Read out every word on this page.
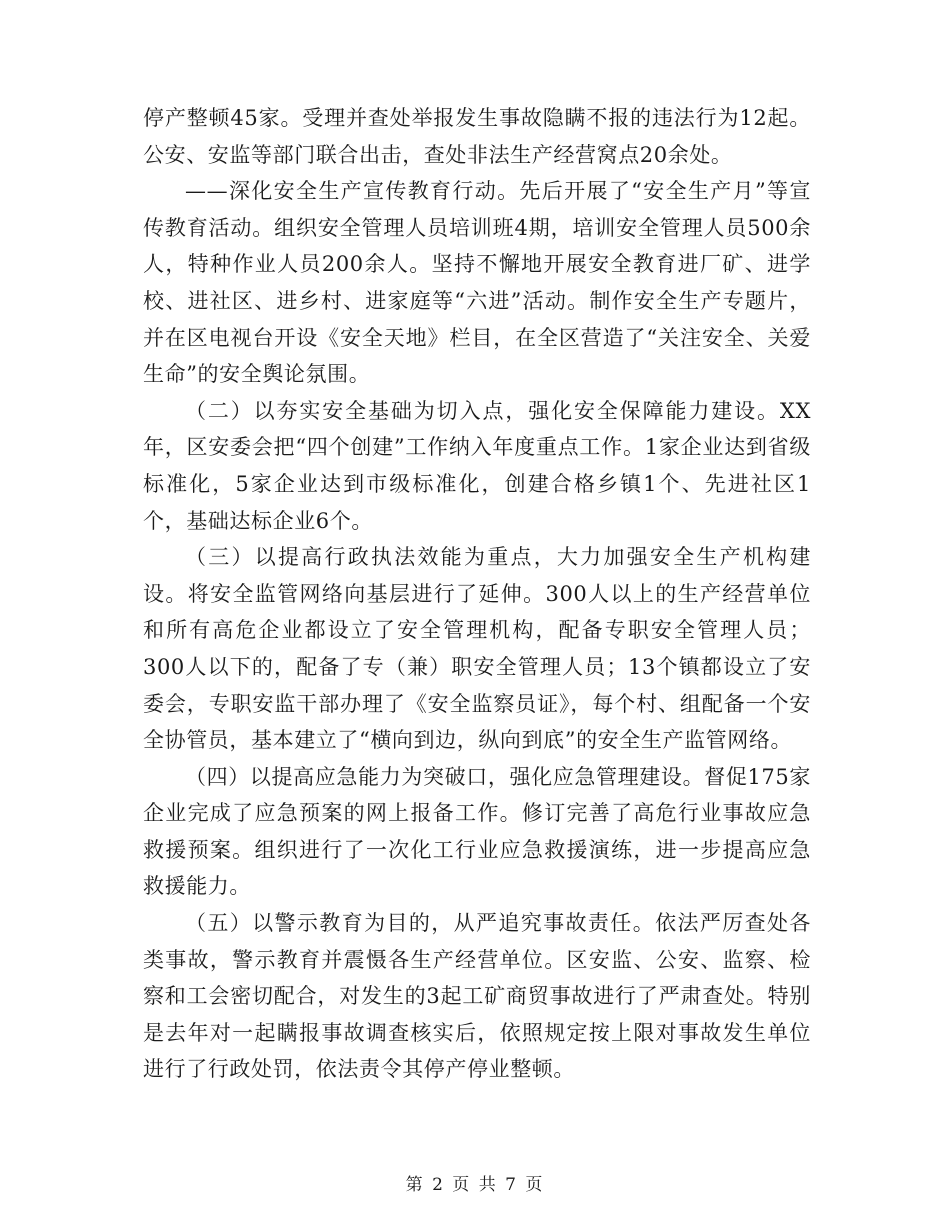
停产整顿45家。受理并查处举报发生事故隐瞒不报的违法行为12起。公安、安监等部门联合出击，查处非法生产经营窝点20余处。

——深化安全生产宣传教育行动。先后开展了“安全生产月”等宣传教育活动。组织安全管理人员培训班4期，培训安全管理人员500余人，特种作业人员200余人。坚持不懈地开展安全教育进厂矿、进学校、进社区、进乡村、进家庭等“六进”活动。制作安全生产专题片，并在区电视台开设《安全天地》栏目，在全区营造了“关注安全、关爱生命”的安全舆论氛围。

（二）以夯实安全基础为切入点，强化安全保障能力建设。XX年，区安委会把“四个创建”工作纳入年度重点工作。1家企业达到省级标准化，5家企业达到市级标准化，创建合格乡镇1个、先进社区1个，基础达标企业6个。

（三）以提高行政执法效能为重点，大力加强安全生产机构建设。将安全监管网络向基层进行了延伸。300人以上的生产经营单位和所有高危企业都设立了安全管理机构，配备专职安全管理人员；300人以下的，配备了专（兼）职安全管理人员；13个镇都设立了安委会，专职安监干部办理了《安全监察员证》，每个村、组配备一个安全协管员，基本建立了“横向到边，纵向到底”的安全生产监管网络。

（四）以提高应急能力为突破口，强化应急管理建设。督促175家企业完成了应急预案的网上报备工作。修订完善了高危行业事故应急救援预案。组织进行了一次化工行业应急救援演练，进一步提高应急救援能力。

（五）以警示教育为目的，从严追究事故责任。依法严厉查处各类事故，警示教育并震慑各生产经营单位。区安监、公安、监察、检察和工会密切配合，对发生的3起工矿商贸事故进行了严肃查处。特别是去年对一起瞒报事故调查核实后，依照规定按上限对事故发生单位进行了行政处罚，依法责令其停产停业整顿。

第 2 页 共 7 页
